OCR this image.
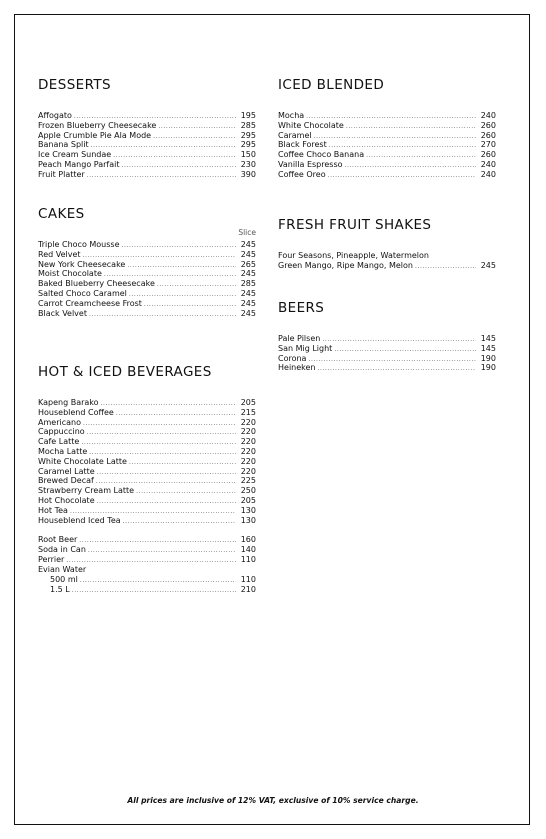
DESSERTS
Affogato .....	195
Frozen Blueberry Cheesecake .....	285
Apple Crumble Pie Ala Mode .....	295
Banana Split .....	295
Ice Cream Sundae .....	150
Peach Mango Parfait .....	230
Fruit Platter .....	390
CAKES
Slice
Triple Choco Mousse .....	245
Red Velvet .....	245
New York Cheesecake .....	265
Moist Chocolate .....	245
Baked Blueberry Cheesecake .....	285
Salted Choco Caramel .....	245
Carrot Creamcheese Frost .....	245
Black Velvet .....	245
HOT & ICED BEVERAGES
Kapeng Barako .....	205
Houseblend Coffee .....	215
Americano .....	220
Cappuccino .....	220
Cafe Latte .....	220
Mocha Latte .....	220
White Chocolate Latte .....	220
Caramel Latte .....	220
Brewed Decaf .....	225
Strawberry Cream Latte .....	250
Hot Chocolate .....	205
Hot Tea .....	130
Houseblend Iced Tea .....	130
Root Beer .....	160
Soda in Can .....	140
Perrier .....	110
Evian Water
500 ml .....	110
1.5 L .....	210
ICED BLENDED
Mocha .....	240
White Chocolate .....	260
Caramel .....	260
Black Forest .....	270
Coffee Choco Banana .....	260
Vanilla Espresso .....	240
Coffee Oreo .....	240
FRESH FRUIT SHAKES
Four Seasons, Pineapple, Watermelon
Green Mango, Ripe Mango, Melon .....	245
BEERS
Pale Pilsen .....	145
San Mig Light .....	145
Corona .....	190
Heineken .....	190
All prices are inclusive of 12% VAT, exclusive of 10% service charge.
